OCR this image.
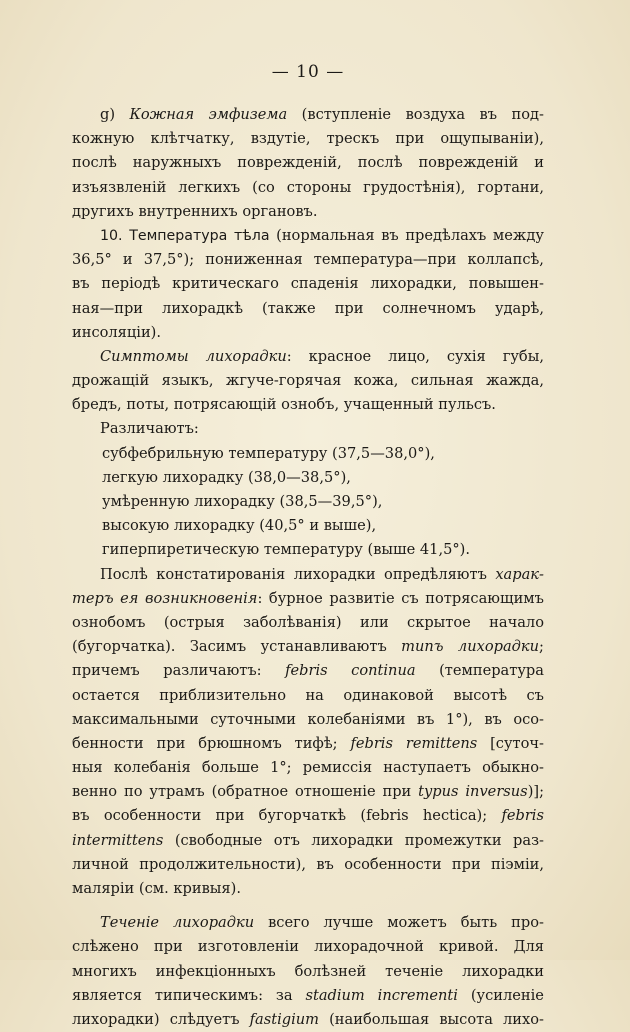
— 10 —
g) Кожная эмфизема (вступленіе воздуха въ под-
кожную клѣтчатку, вздутіе, трескъ при ощупываніи),
послѣ наружныхъ поврежденій, послѣ поврежденій и
изъязвленій легкихъ (со стороны грудостѣнія), гортани,
другихъ внутреннихъ органовъ.
10. Температура тѣла (нормальная въ предѣлахъ между
36,5° и 37,5°); пониженная температура—при коллапсѣ,
въ періодѣ критическаго спаденія лихорадки, повышен-
ная—при лихорадкѣ (также при солнечномъ ударѣ,
инсоляціи).
Симптомы лихорадки: красное лицо, сухія губы,
дрожащій языкъ, жгуче-горячая кожа, сильная жажда,
бредъ, поты, потрясающій ознобъ, учащенный пульсъ.
Различаютъ:
субфебрильную температуру (37,5—38,0°),
легкую лихорадку (38,0—38,5°),
умѣренную лихорадку (38,5—39,5°),
высокую лихорадку (40,5° и выше),
гиперпиретическую температуру (выше 41,5°).
Послѣ констатированія лихорадки опредѣляютъ харак-
теръ ея возникновенія: бурное развитіе съ потрясающимъ
ознобомъ (острыя заболѣванія) или скрытое начало
(бугорчатка). Засимъ устанавливаютъ типъ лихорадки;
причемъ различаютъ: febris continua (температура
остается приблизительно на одинаковой высотѣ съ
максимальными суточными колебаніями въ 1°), въ осо-
бенности при брюшномъ тифѣ; febris remittens [суточ-
ныя колебанія больше 1°; ремиссія наступаетъ обыкно-
венно по утрамъ (обратное отношеніе при typus inversus)];
въ особенности при бугорчаткѣ (febris hectica); febris
intermittens (свободные отъ лихорадки промежутки раз-
личной продолжительности), въ особенности при піэміи,
маляріи (см. кривыя).
Теченіе лихорадки всего лучше можетъ быть про-
слѣжено при изготовленіи лихорадочной кривой. Для
многихъ инфекціонныхъ болѣзней теченіе лихорадки
является типическимъ: за stadium incrementi (усиленіе
лихорадки) слѣдуетъ fastigium (наибольшая высота лихо-
